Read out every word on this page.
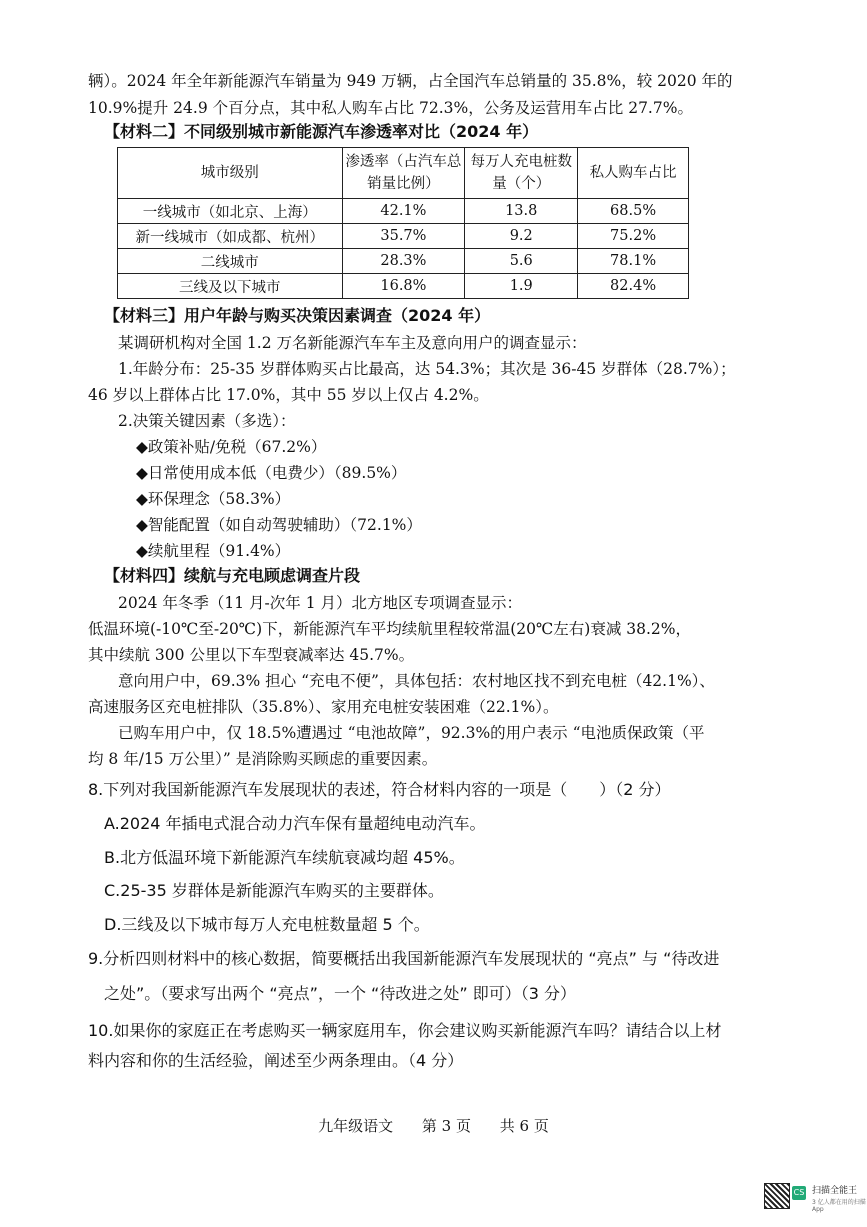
辆）。2024 年全年新能源汽车销量为 949 万辆，占全国汽车总销量的 35.8%，较 2020 年的
10.9%提升 24.9 个百分点，其中私人购车占比 72.3%，公务及运营用车占比 27.7%。
【材料二】不同级别城市新能源汽车渗透率对比（2024 年）
城市级别	渗透率（占汽车总销量比例）	每万人充电桩数量（个）	私人购车占比
一线城市（如北京、上海）	42.1%	13.8	68.5%
新一线城市（如成都、杭州）	35.7%	9.2	75.2%
二线城市	28.3%	5.6	78.1%
三线及以下城市	16.8%	1.9	82.4%
【材料三】用户年龄与购买决策因素调查（2024 年）
某调研机构对全国 1.2 万名新能源汽车车主及意向用户的调查显示：
1.年龄分布：25-35 岁群体购买占比最高，达 54.3%；其次是 36-45 岁群体（28.7%）；
46 岁以上群体占比 17.0%，其中 55 岁以上仅占 4.2%。
2.决策关键因素（多选）：
◆政策补贴/免税（67.2%）
◆日常使用成本低（电费少）（89.5%）
◆环保理念（58.3%）
◆智能配置（如自动驾驶辅助）（72.1%）
◆续航里程（91.4%）
【材料四】续航与充电顾虑调查片段
2024 年冬季（11 月-次年 1 月）北方地区专项调查显示：
低温环境(-10℃至-20℃)下，新能源汽车平均续航里程较常温(20℃左右)衰减 38.2%，
其中续航 300 公里以下车型衰减率达 45.7%。
意向用户中，69.3% 担心 “充电不便”，具体包括：农村地区找不到充电桩（42.1%）、
高速服务区充电桩排队（35.8%）、家用充电桩安装困难（22.1%）。
已购车用户中，仅 18.5%遭遇过 “电池故障”，92.3%的用户表示 “电池质保政策（平
均 8 年/15 万公里）” 是消除购买顾虑的重要因素。
8.下列对我国新能源汽车发展现状的表述，符合材料内容的一项是（　　）（2 分）
A.2024 年插电式混合动力汽车保有量超纯电动汽车。
B.北方低温环境下新能源汽车续航衰减均超 45%。
C.25-35 岁群体是新能源汽车购买的主要群体。
D.三线及以下城市每万人充电桩数量超 5 个。
9.分析四则材料中的核心数据，简要概括出我国新能源汽车发展现状的 “亮点” 与 “待改进
之处”。（要求写出两个 “亮点”，一个 “待改进之处” 即可）（3 分）
10.如果你的家庭正在考虑购买一辆家庭用车，你会建议购买新能源汽车吗？请结合以上材
料内容和你的生活经验，阐述至少两条理由。（4 分）
九年级语文 第 3 页 共 6 页
CS 扫描全能王
3 亿人都在用的扫描App
